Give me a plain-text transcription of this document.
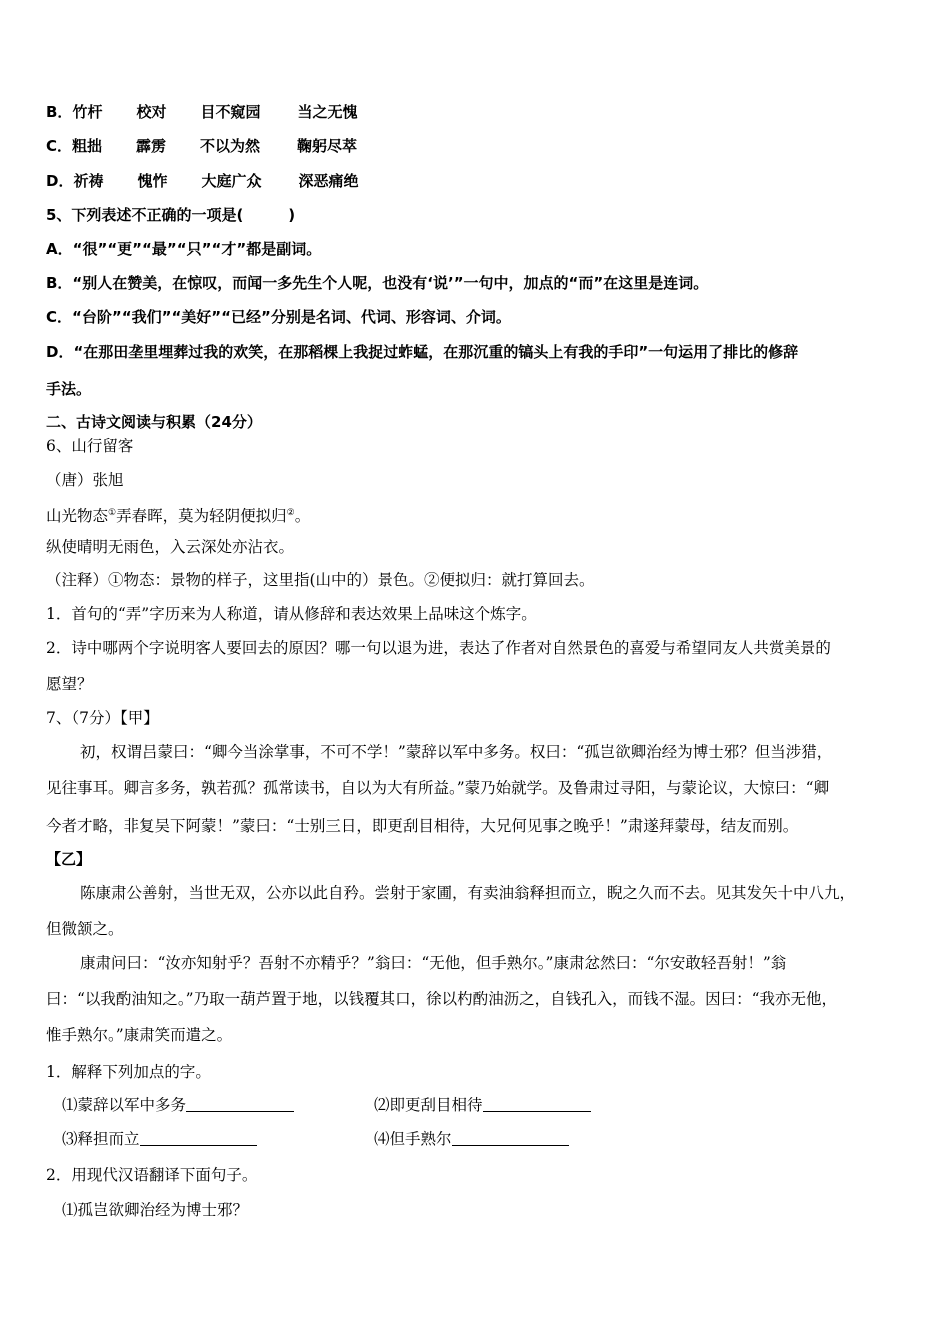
B．竹杆 校对 目不窥园 当之无愧
C．粗拙 霹雳 不以为然 鞠躬尽萃
D．祈祷 愧怍 大庭广众 深恶痛绝
5、下列表述不正确的一项是(　　　)
A．“很”“更”“最”“只”“才”都是副词。
B．“别人在赞美，在惊叹，而闻一多先生个人呢，也没有‘说’”一句中，加点的“而”在这里是连词。
C．“台阶”“我们”“美好”“已经”分别是名词、代词、形容词、介词。
D．“在那田垄里埋葬过我的欢笑，在那稻棵上我捉过蚱蜢，在那沉重的镐头上有我的手印”一句运用了排比的修辞
手法。
二、古诗文阅读与积累（24分）
6、山行留客
（唐）张旭
山光物态①弄春晖，莫为轻阴便拟归②。
纵使晴明无雨色，入云深处亦沾衣。
（注释）①物态：景物的样子，这里指(山中的）景色。②便拟归：就打算回去。
1．首句的“弄”字历来为人称道，请从修辞和表达效果上品味这个炼字。
2．诗中哪两个字说明客人要回去的原因？哪一句以退为进，表达了作者对自然景色的喜爱与希望同友人共赏美景的
愿望？
7、（7分）【甲】
初，权谓吕蒙曰：“卿今当涂掌事，不可不学！”蒙辞以军中多务。权曰：“孤岂欲卿治经为博士邪？但当涉猎，
见往事耳。卿言多务，孰若孤？孤常读书，自以为大有所益。”蒙乃始就学。及鲁肃过寻阳，与蒙论议，大惊曰：“卿
今者才略，非复吴下阿蒙！”蒙曰：“士别三日，即更刮目相待，大兄何见事之晚乎！”肃遂拜蒙母，结友而别。
【乙】
陈康肃公善射，当世无双，公亦以此自矜。尝射于家圃，有卖油翁释担而立，睨之久而不去。见其发矢十中八九，
但微颔之。
康肃问曰：“汝亦知射乎？吾射不亦精乎？”翁曰：“无他，但手熟尔。”康肃忿然曰：“尔安敢轻吾射！”翁
曰：“以我酌油知之。”乃取一葫芦置于地，以钱覆其口，徐以杓酌油沥之，自钱孔入，而钱不湿。因曰：“我亦无他，
惟手熟尔。”康肃笑而遣之。
1．解释下列加点的字。
⑴蒙辞以军中多务	⑵即更刮目相待
⑶释担而立	⑷但手熟尔
2．用现代汉语翻译下面句子。
⑴孤岂欲卿治经为博士邪？
